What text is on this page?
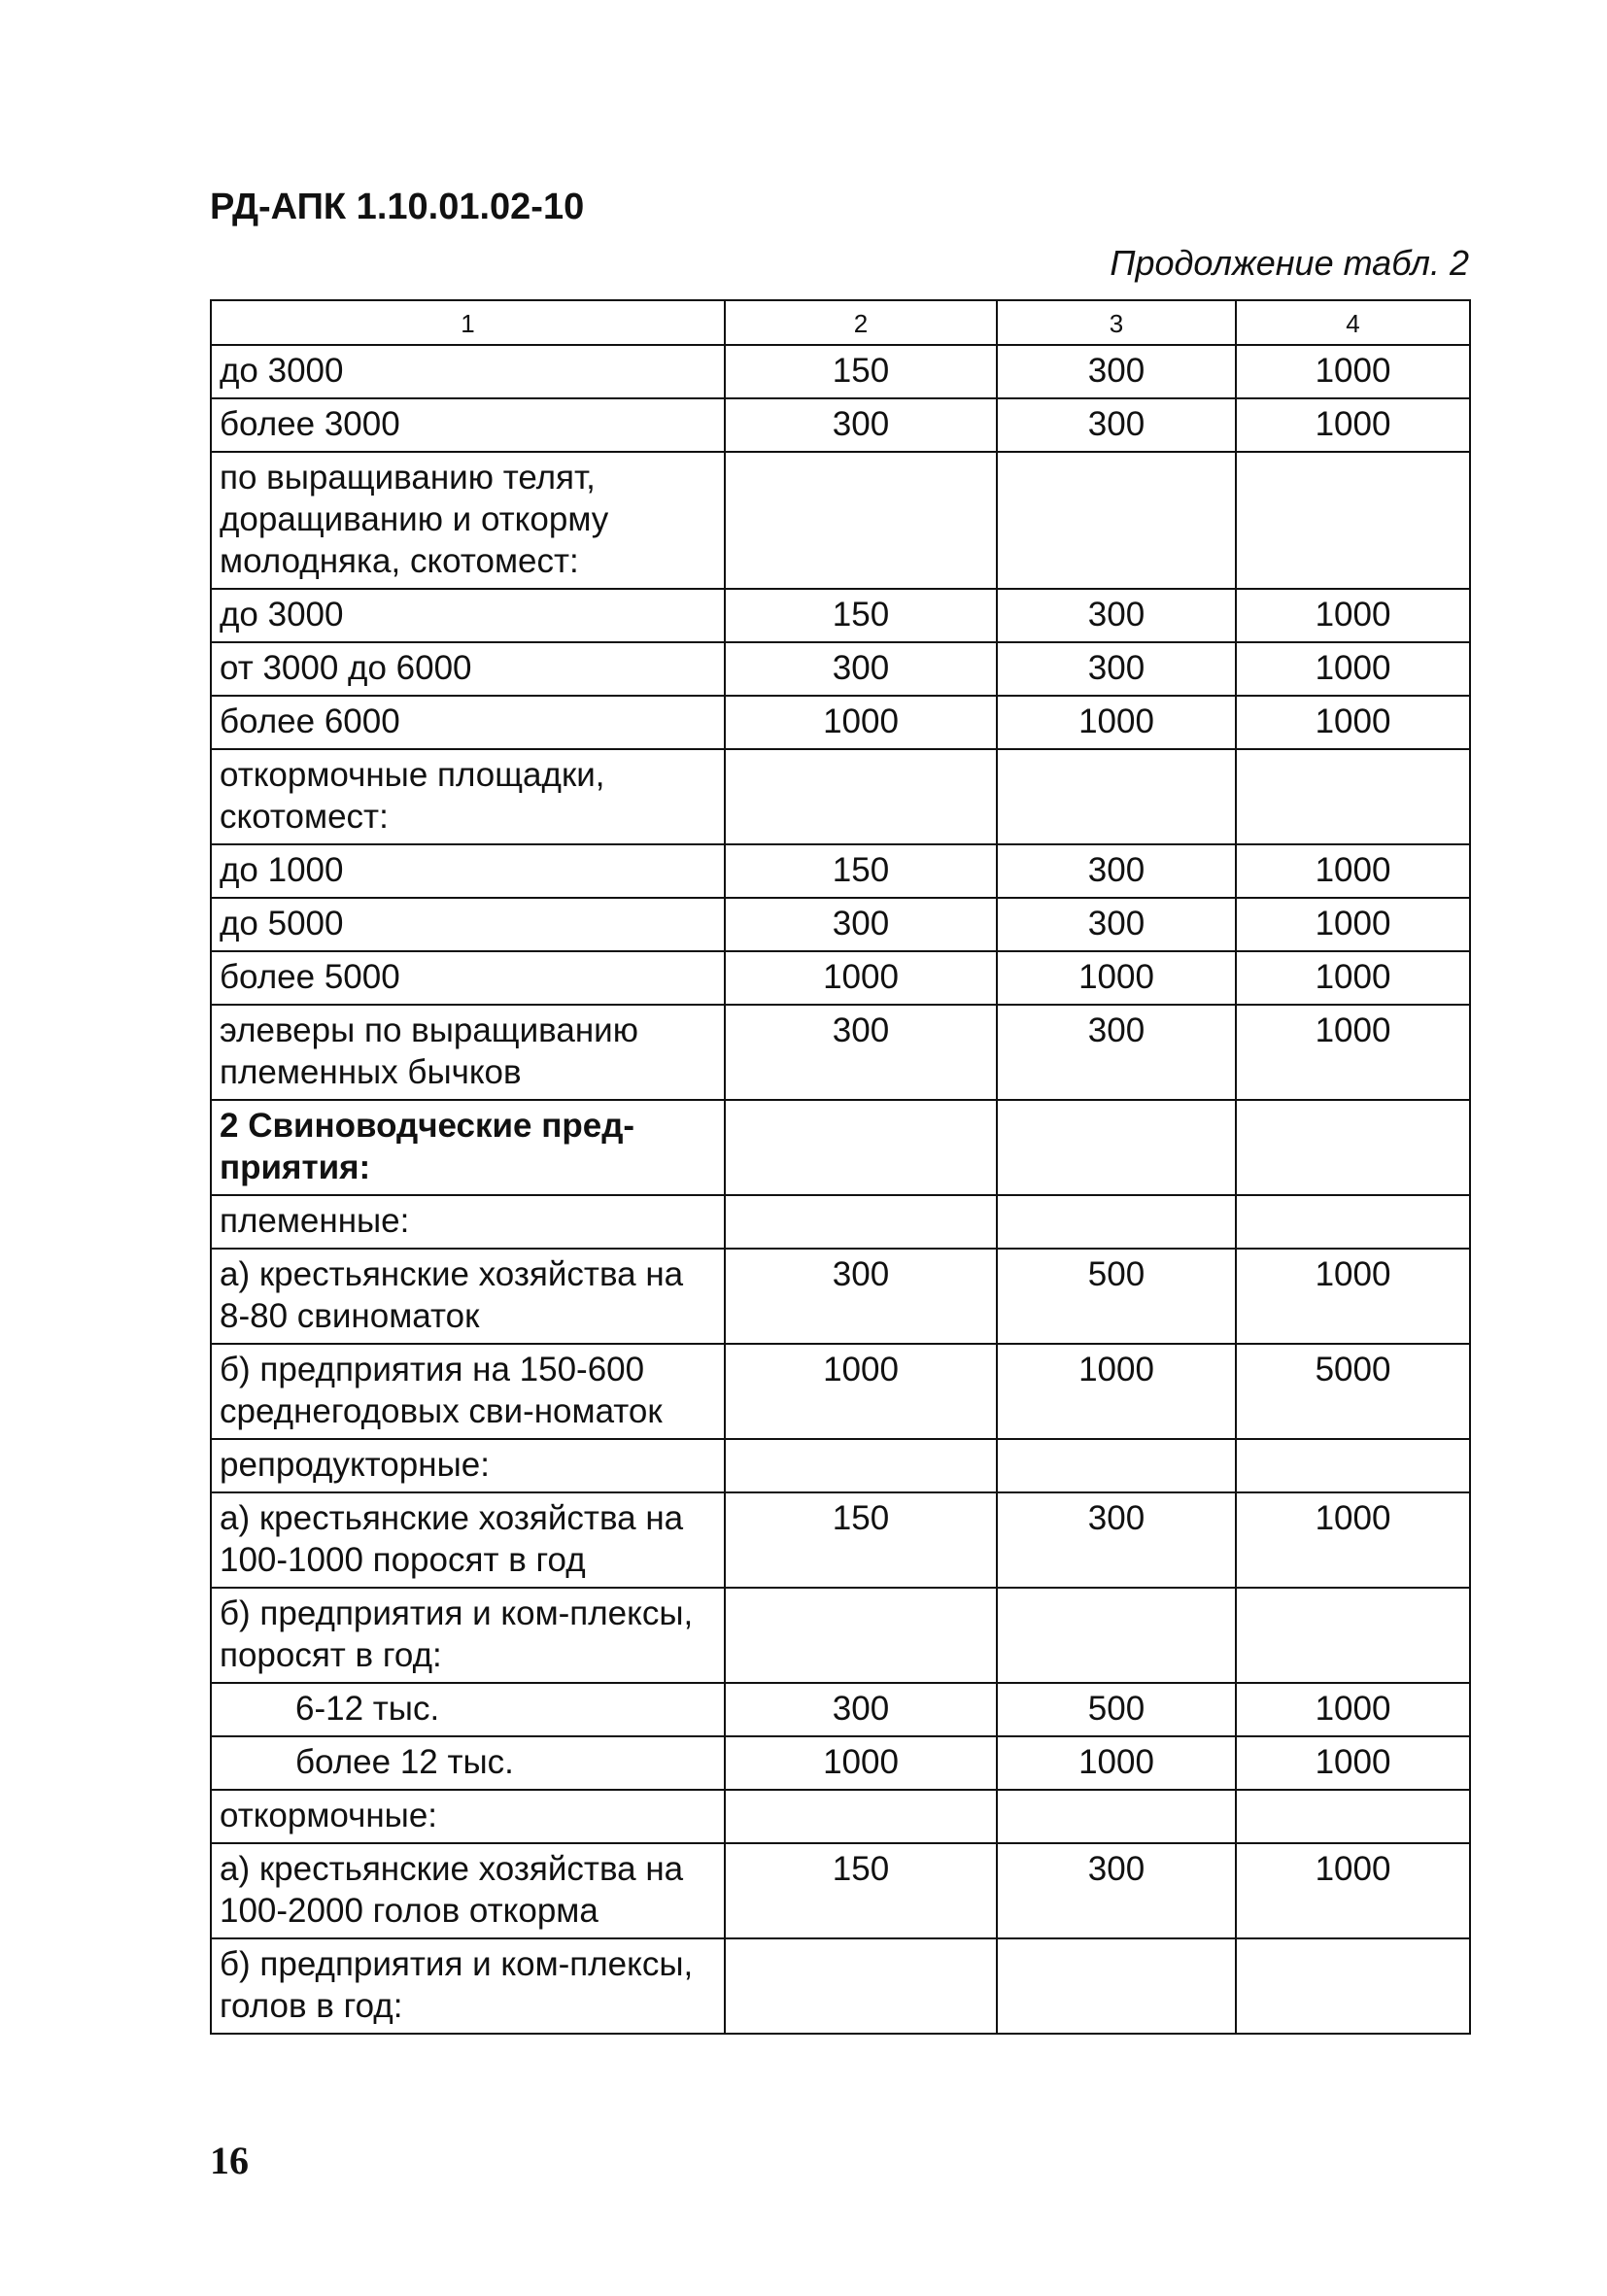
РД-АПК 1.10.01.02-10
Продолжение табл. 2
1	2	3	4
до 3000	150	300	1000
более 3000	300	300	1000
по выращиванию телят, доращиванию и откорму молодняка, скотомест:			
до 3000	150	300	1000
от 3000 до 6000	300	300	1000
более 6000	1000	1000	1000
откормочные площадки, скотомест:			
до 1000	150	300	1000
до 5000	300	300	1000
более 5000	1000	1000	1000
элеверы по выращиванию племенных бычков	300	300	1000
2 Свиноводческие пред-приятия:			
племенные:			
а) крестьянские хозяйства на 8-80 свиноматок	300	500	1000
б) предприятия на 150-600 среднегодовых сви-номаток	1000	1000	5000
репродукторные:			
а) крестьянские хозяйства на 100-1000 поросят в год	150	300	1000
б) предприятия и ком-плексы, поросят в год:			
6-12 тыс.	300	500	1000
более 12 тыс.	1000	1000	1000
откормочные:			
а) крестьянские хозяйства на 100-2000 голов откорма	150	300	1000
б) предприятия и ком-плексы, голов в год:			
16
